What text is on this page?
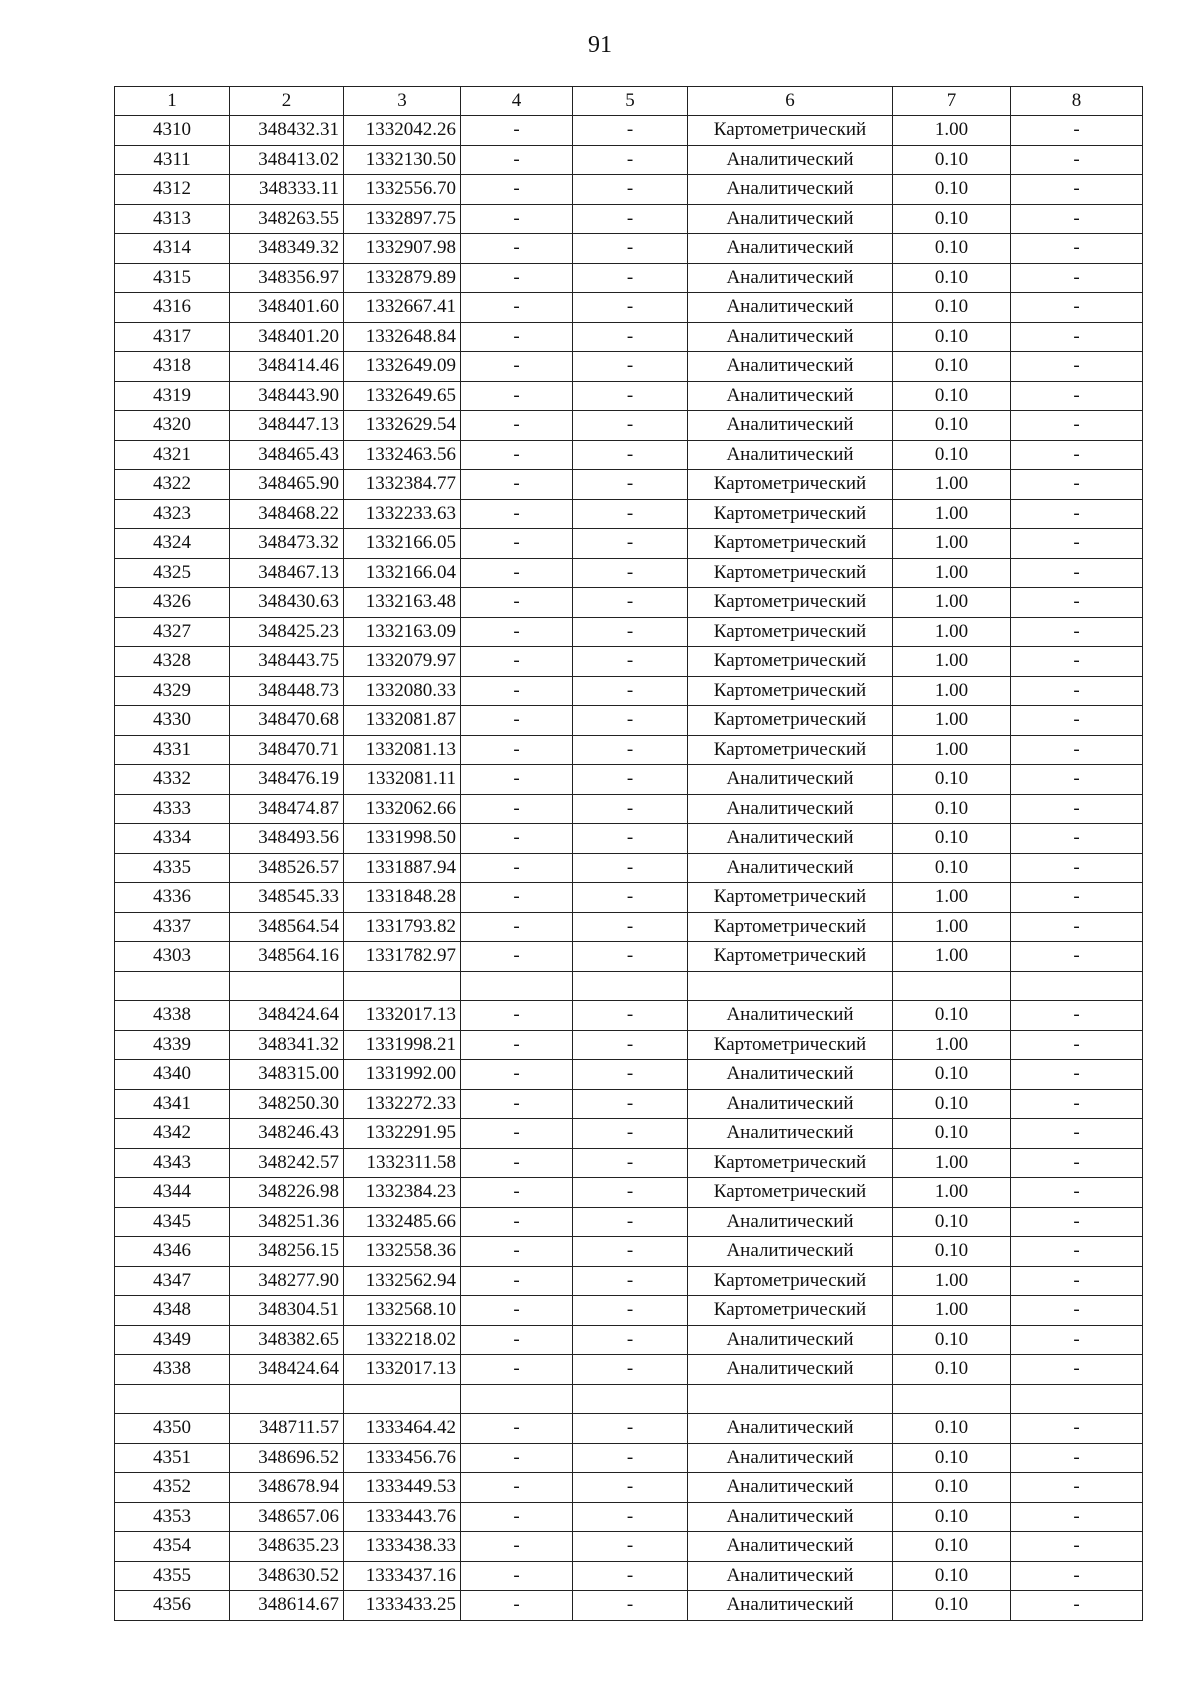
91
1	2	3	4	5	6	7	8
4310	348432.31	1332042.26	-	-	Картометрический	1.00	-
4311	348413.02	1332130.50	-	-	Аналитический	0.10	-
4312	348333.11	1332556.70	-	-	Аналитический	0.10	-
4313	348263.55	1332897.75	-	-	Аналитический	0.10	-
4314	348349.32	1332907.98	-	-	Аналитический	0.10	-
4315	348356.97	1332879.89	-	-	Аналитический	0.10	-
4316	348401.60	1332667.41	-	-	Аналитический	0.10	-
4317	348401.20	1332648.84	-	-	Аналитический	0.10	-
4318	348414.46	1332649.09	-	-	Аналитический	0.10	-
4319	348443.90	1332649.65	-	-	Аналитический	0.10	-
4320	348447.13	1332629.54	-	-	Аналитический	0.10	-
4321	348465.43	1332463.56	-	-	Аналитический	0.10	-
4322	348465.90	1332384.77	-	-	Картометрический	1.00	-
4323	348468.22	1332233.63	-	-	Картометрический	1.00	-
4324	348473.32	1332166.05	-	-	Картометрический	1.00	-
4325	348467.13	1332166.04	-	-	Картометрический	1.00	-
4326	348430.63	1332163.48	-	-	Картометрический	1.00	-
4327	348425.23	1332163.09	-	-	Картометрический	1.00	-
4328	348443.75	1332079.97	-	-	Картометрический	1.00	-
4329	348448.73	1332080.33	-	-	Картометрический	1.00	-
4330	348470.68	1332081.87	-	-	Картометрический	1.00	-
4331	348470.71	1332081.13	-	-	Картометрический	1.00	-
4332	348476.19	1332081.11	-	-	Аналитический	0.10	-
4333	348474.87	1332062.66	-	-	Аналитический	0.10	-
4334	348493.56	1331998.50	-	-	Аналитический	0.10	-
4335	348526.57	1331887.94	-	-	Аналитический	0.10	-
4336	348545.33	1331848.28	-	-	Картометрический	1.00	-
4337	348564.54	1331793.82	-	-	Картометрический	1.00	-
4303	348564.16	1331782.97	-	-	Картометрический	1.00	-

4338	348424.64	1332017.13	-	-	Аналитический	0.10	-
4339	348341.32	1331998.21	-	-	Картометрический	1.00	-
4340	348315.00	1331992.00	-	-	Аналитический	0.10	-
4341	348250.30	1332272.33	-	-	Аналитический	0.10	-
4342	348246.43	1332291.95	-	-	Аналитический	0.10	-
4343	348242.57	1332311.58	-	-	Картометрический	1.00	-
4344	348226.98	1332384.23	-	-	Картометрический	1.00	-
4345	348251.36	1332485.66	-	-	Аналитический	0.10	-
4346	348256.15	1332558.36	-	-	Аналитический	0.10	-
4347	348277.90	1332562.94	-	-	Картометрический	1.00	-
4348	348304.51	1332568.10	-	-	Картометрический	1.00	-
4349	348382.65	1332218.02	-	-	Аналитический	0.10	-
4338	348424.64	1332017.13	-	-	Аналитический	0.10	-

4350	348711.57	1333464.42	-	-	Аналитический	0.10	-
4351	348696.52	1333456.76	-	-	Аналитический	0.10	-
4352	348678.94	1333449.53	-	-	Аналитический	0.10	-
4353	348657.06	1333443.76	-	-	Аналитический	0.10	-
4354	348635.23	1333438.33	-	-	Аналитический	0.10	-
4355	348630.52	1333437.16	-	-	Аналитический	0.10	-
4356	348614.67	1333433.25	-	-	Аналитический	0.10	-
